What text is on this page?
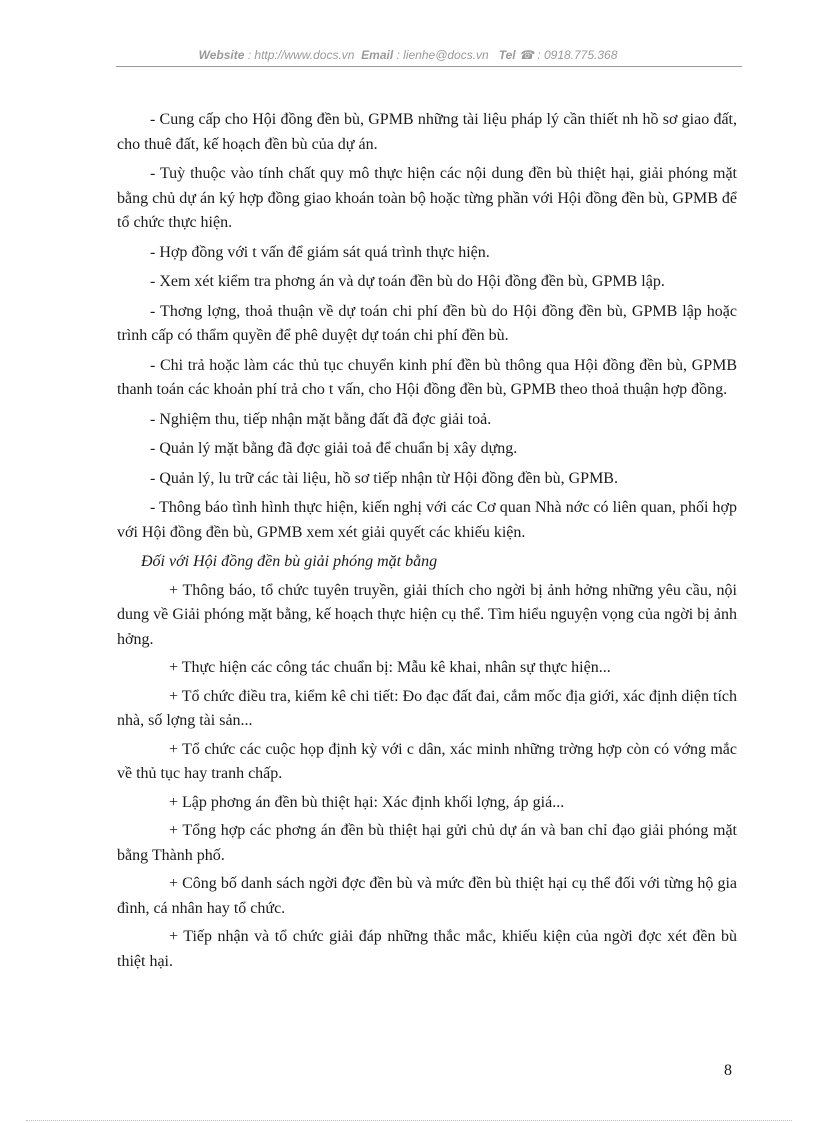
Website : http://www.docs.vn Email : lienhe@docs.vn Tel ☎ : 0918.775.368

- Cung cấp cho Hội đồng đền bù, GPMB những tài liệu pháp lý cần thiết nh hồ sơ giao đất, cho thuê đất, kế hoạch đền bù của dự án.

- Tuỳ thuộc vào tính chất quy mô thực hiện các nội dung đền bù thiệt hại, giải phóng mặt bằng chủ dự án ký hợp đồng giao khoán toàn bộ hoặc từng phần với Hội đồng đền bù, GPMB để tổ chức thực hiện.

- Hợp đồng với t vấn để giám sát quá trình thực hiện.

- Xem xét kiểm tra phơng án và dự toán đền bù do Hội đồng đền bù, GPMB lập.

- Thơng lợng, thoả thuận về dự toán chi phí đền bù do Hội đồng đền bù, GPMB lập hoặc trình cấp có thẩm quyền để phê duyệt dự toán chi phí đền bù.

- Chi trả hoặc làm các thủ tục chuyển kinh phí đền bù thông qua Hội đồng đền bù, GPMB thanh toán các khoản phí trả cho t vấn, cho Hội đồng đền bù, GPMB theo thoả thuận hợp đồng.

- Nghiệm thu, tiếp nhận mặt bằng đất đã đợc giải toả.

- Quản lý mặt bằng đã đợc giải toả để chuẩn bị xây dựng.

- Quản lý, lu trữ các tài liệu, hồ sơ tiếp nhận từ Hội đồng đền bù, GPMB.

- Thông báo tình hình thực hiện, kiến nghị với các Cơ quan Nhà nớc có liên quan, phối hợp với Hội đồng đền bù, GPMB xem xét giải quyết các khiếu kiện.

Đối với Hội đồng đền bù giải phóng mặt bằng

+ Thông báo, tổ chức tuyên truyền, giải thích cho ngời bị ảnh hởng những yêu cầu, nội dung về Giải phóng mặt bằng, kế hoạch thực hiện cụ thể. Tìm hiểu nguyện vọng của ngời bị ảnh hởng.

+ Thực hiện các công tác chuẩn bị: Mẫu kê khai, nhân sự thực hiện...

+ Tổ chức điều tra, kiểm kê chi tiết: Đo đạc đất đai, cắm mốc địa giới, xác định diện tích nhà, số lợng tài sản...

+ Tổ chức các cuộc họp định kỳ với c dân, xác minh những trờng hợp còn có vớng mắc về thủ tục hay tranh chấp.

+ Lập phơng án đền bù thiệt hại: Xác định khối lợng, áp giá...

+ Tổng hợp các phơng án đền bù thiệt hại gửi chủ dự án và ban chỉ đạo giải phóng mặt bằng Thành phố.

+ Công bố danh sách ngời đợc đền bù và mức đền bù thiệt hại cụ thể đối với từng hộ gia đình, cá nhân hay tổ chức.

+ Tiếp nhận và tổ chức giải đáp những thắc mắc, khiếu kiện của ngời đợc xét đền bù thiệt hại.

8
